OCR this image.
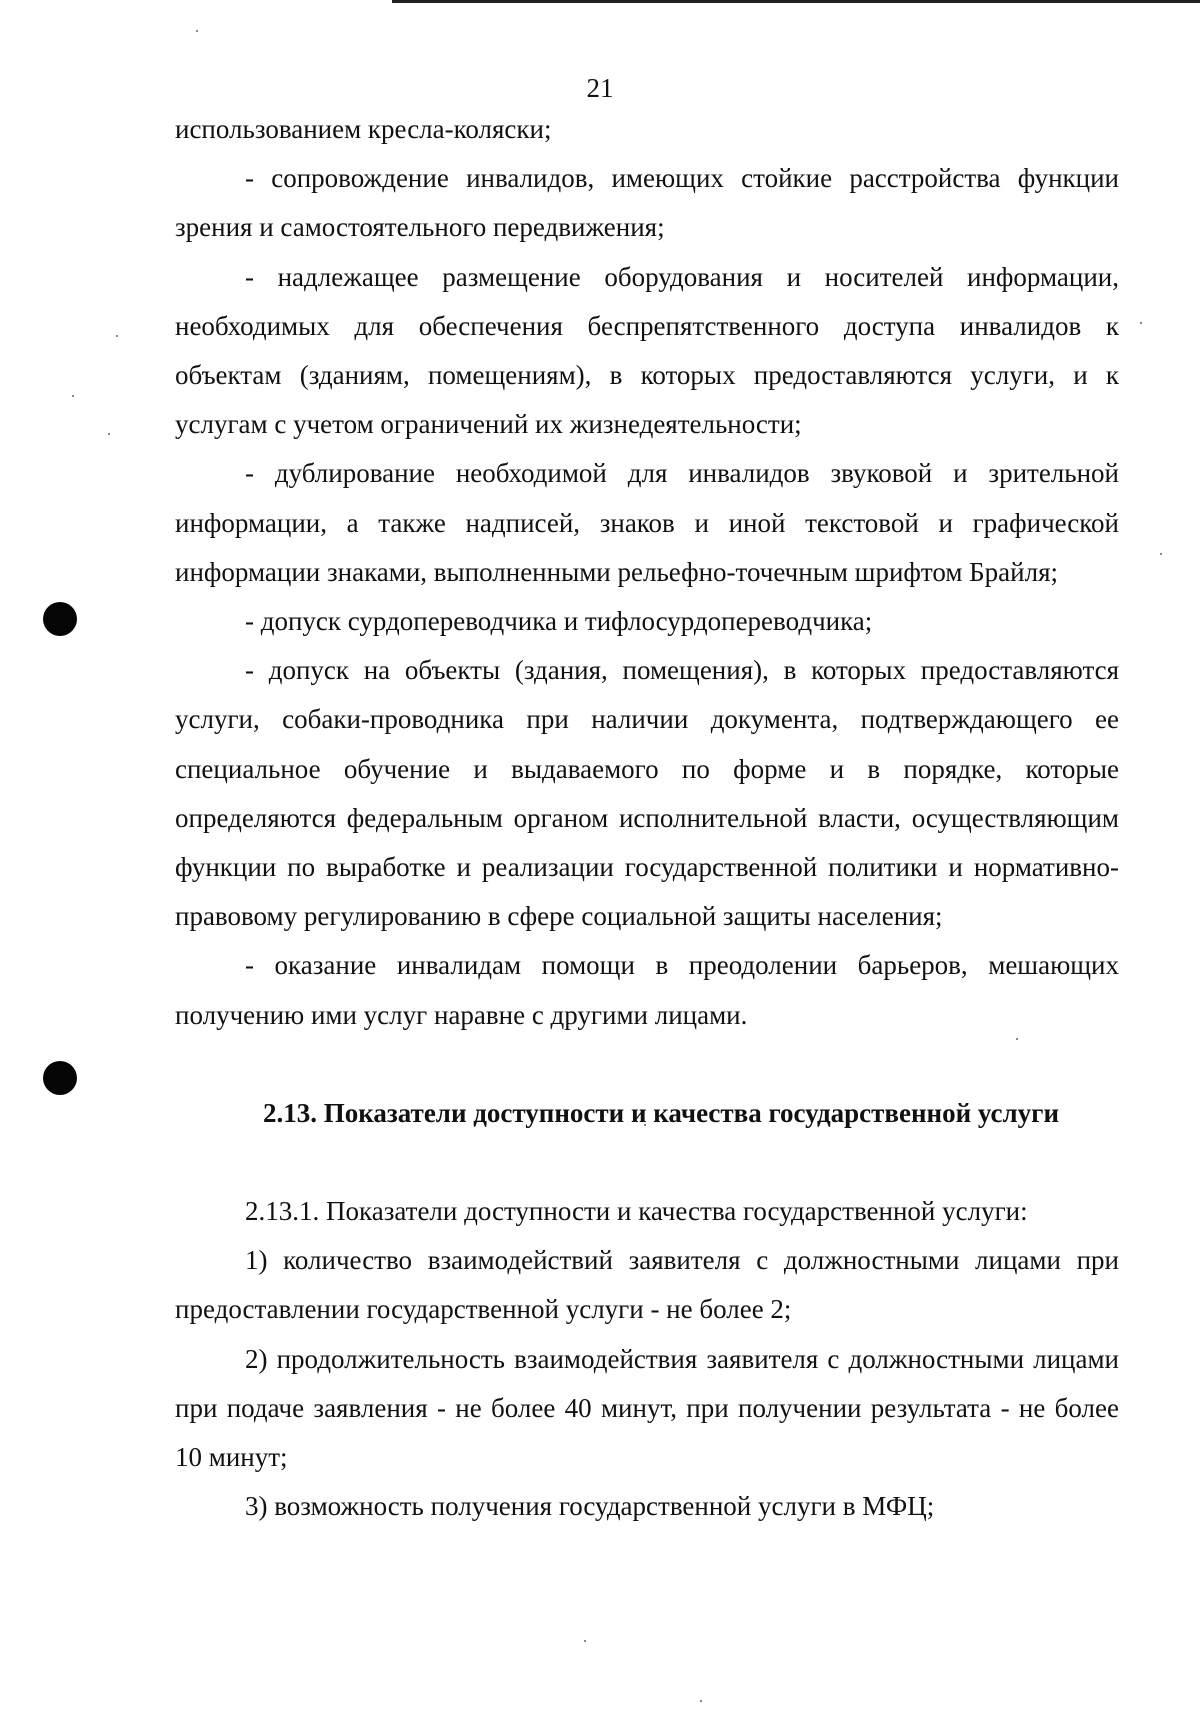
21

использованием кресла-коляски;

- сопровождение инвалидов, имеющих стойкие расстройства функции зрения и самостоятельного передвижения;

- надлежащее размещение оборудования и носителей информации, необходимых для обеспечения беспрепятственного доступа инвалидов к объектам (зданиям, помещениям), в которых предоставляются услуги, и к услугам с учетом ограничений их жизнедеятельности;

- дублирование необходимой для инвалидов звуковой и зрительной информации, а также надписей, знаков и иной текстовой и графической информации знаками, выполненными рельефно-точечным шрифтом Брайля;

- допуск сурдопереводчика и тифлосурдопереводчика;

- допуск на объекты (здания, помещения), в которых предоставляются услуги, собаки-проводника при наличии документа, подтверждающего ее специальное обучение и выдаваемого по форме и в порядке, которые определяются федеральным органом исполнительной власти, осуществляющим функции по выработке и реализации государственной политики и нормативно-правовому регулированию в сфере социальной защиты населения;

- оказание инвалидам помощи в преодолении барьеров, мешающих получению ими услуг наравне с другими лицами.

2.13. Показатели доступности и качества государственной услуги

2.13.1. Показатели доступности и качества государственной услуги:

1) количество взаимодействий заявителя с должностными лицами при предоставлении государственной услуги - не более 2;

2) продолжительность взаимодействия заявителя с должностными лицами при подаче заявления - не более 40 минут, при получении результата - не более 10 минут;

3) возможность получения государственной услуги в МФЦ;
